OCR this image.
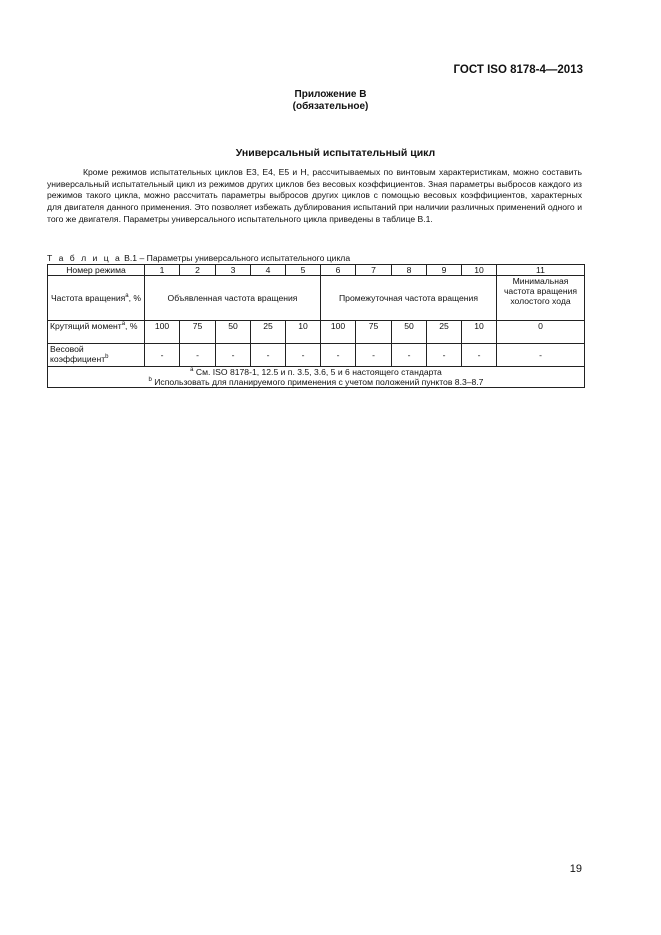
ГОСТ ISO 8178-4—2013
Приложение B
(обязательное)
Универсальный испытательный цикл

Кроме режимов испытательных циклов E3, E4, E5 и H, рассчитываемых по винтовым характеристикам, можно составить универсальный испытательный цикл из режимов других циклов без весовых коэффициентов. Зная параметры выбросов каждого из режимов такого цикла, можно рассчитать параметры выбросов других циклов с помощью весовых коэффициентов, характерных для двигателя данного применения. Это позволяет избежать дублирования испытаний при наличии различных применений одного и того же двигателя. Параметры универсального испытательного цикла приведены в таблице B.1.

Т а б л и ц а B.1 – Параметры универсального испытательного цикла
Номер режима	1	2	3	4	5	6	7	8	9	10	11
Частота вращения$^a$, %	Объявленная частота вращения					Промежуточная частота вращения					Минимальная частота вращения холостого хода
Крутящий момент$^a$, %	100	75	50	25	10	100	75	50	25	10	0
Весовой коэффициент$^b$	-	-	-	-	-	-	-	-	-	-	-

$^a$ См. ISO 8178-1, 12.5 и п. 3.5, 3.6, 5 и 6 настоящего стандарта
$^b$ Использовать для планируемого применения с учетом положений пунктов 8.3–8.7											
19
